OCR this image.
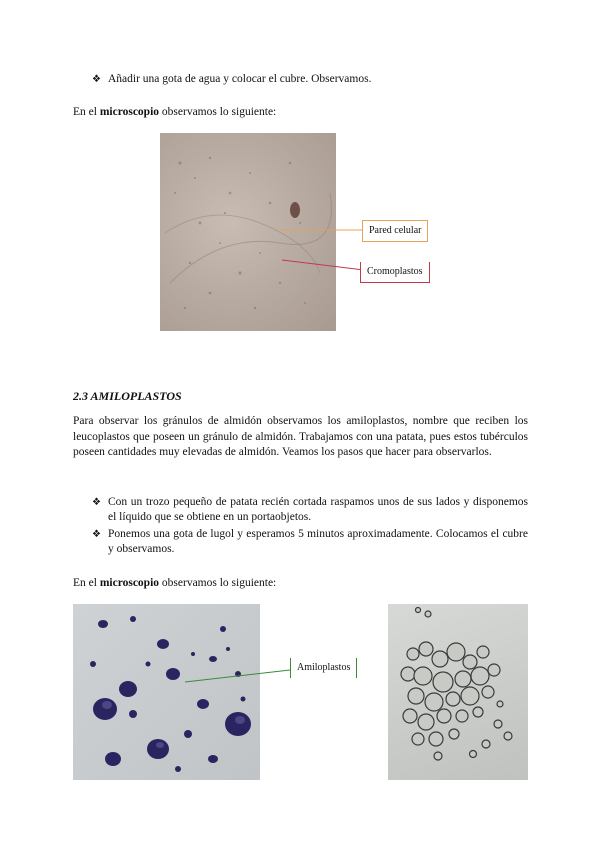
❖ Añadir una gota de agua y colocar el cubre. Observamos.
En el microscopio observamos lo siguiente:
Pared celular
Cromoplastos
2.3 AMILOPLASTOS
Para observar los gránulos de almidón observamos los amiloplastos, nombre que reciben los leucoplastos que poseen un gránulo de almidón. Trabajamos con una patata, pues estos tubérculos poseen cantidades muy elevadas de almidón. Veamos los pasos que hacer para observarlos.
❖ Con un trozo pequeño de patata recién cortada raspamos unos de sus lados y disponemos el líquido que se obtiene en un portaobjetos.
❖ Ponemos una gota de lugol y esperamos 5 minutos aproximadamente. Colocamos el cubre y observamos.
En el microscopio observamos lo siguiente:
Amiloplastos
